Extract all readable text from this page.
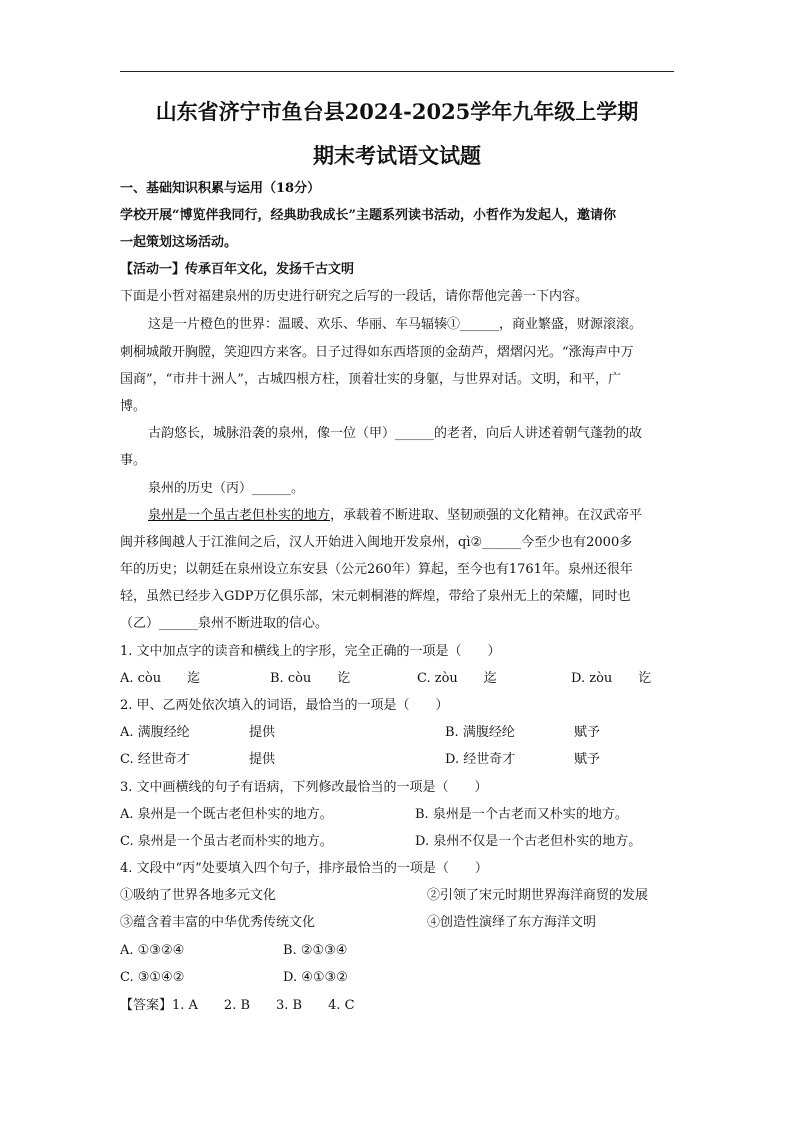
山东省济宁市鱼台县2024-2025学年九年级上学期
期末考试语文试题
一、基础知识积累与运用（18分）
学校开展“博览伴我同行，经典助我成长”主题系列读书活动，小哲作为发起人，邀请你
一起策划这场活动。
【活动一】传承百年文化，发扬千古文明
下面是小哲对福建泉州的历史进行研究之后写的一段话，请你帮他完善一下内容。
这是一片橙色的世界：温暖、欢乐、华丽、车马辐辏①______，商业繁盛，财源滚滚。
刺桐城敞开胸膛，笑迎四方来客。日子过得如东西塔顶的金葫芦，熠熠闪光。“涨海声中万
国商”，“市井十洲人”，古城四根方柱，顶着壮实的身躯，与世界对话。文明，和平，广
博。
古韵悠长，城脉沿袭的泉州，像一位（甲）______的老者，向后人讲述着朝气蓬勃的故
事。
泉州的历史（丙）______。
泉州是一个虽古老但朴实的地方，承载着不断进取、坚韧顽强的文化精神。在汉武帝平
闽并移闽越人于江淮间之后，汉人开始进入闽地开发泉州，qì②______今至少也有2000多
年的历史；以朝廷在泉州设立东安县（公元260年）算起，至今也有1761年。泉州还很年
轻，虽然已经步入GDP万亿俱乐部，宋元刺桐港的辉煌，带给了泉州无上的荣耀，同时也
（乙）______泉州不断进取的信心。
1. 文中加点字的读音和横线上的字形，完全正确的一项是（　　）
A. còu　　迄	B. còu　　讫	C. zòu　　迄	D. zòu　　讫
2. 甲、乙两处依次填入的词语，最恰当的一项是（　　）
A. 满腹经纶	提供	B. 满腹经纶	赋予
C. 经世奇才	提供	D. 经世奇才	赋予
3. 文中画横线的句子有语病，下列修改最恰当的一项是（　　）
A. 泉州是一个既古老但朴实的地方。	B. 泉州是一个古老而又朴实的地方。
C. 泉州是一个虽古老而朴实的地方。	D. 泉州不仅是一个古老但朴实的地方。
4. 文段中“丙”处要填入四个句子，排序最恰当的一项是（　　）
①吸纳了世界各地多元文化	②引领了宋元时期世界海洋商贸的发展
③蕴含着丰富的中华优秀传统文化	④创造性演绎了东方海洋文明
A. ①③②④	B. ②①③④
C. ③①④②	D. ④①③②
【答案】1. A　　2. B　　3. B　　4. C
